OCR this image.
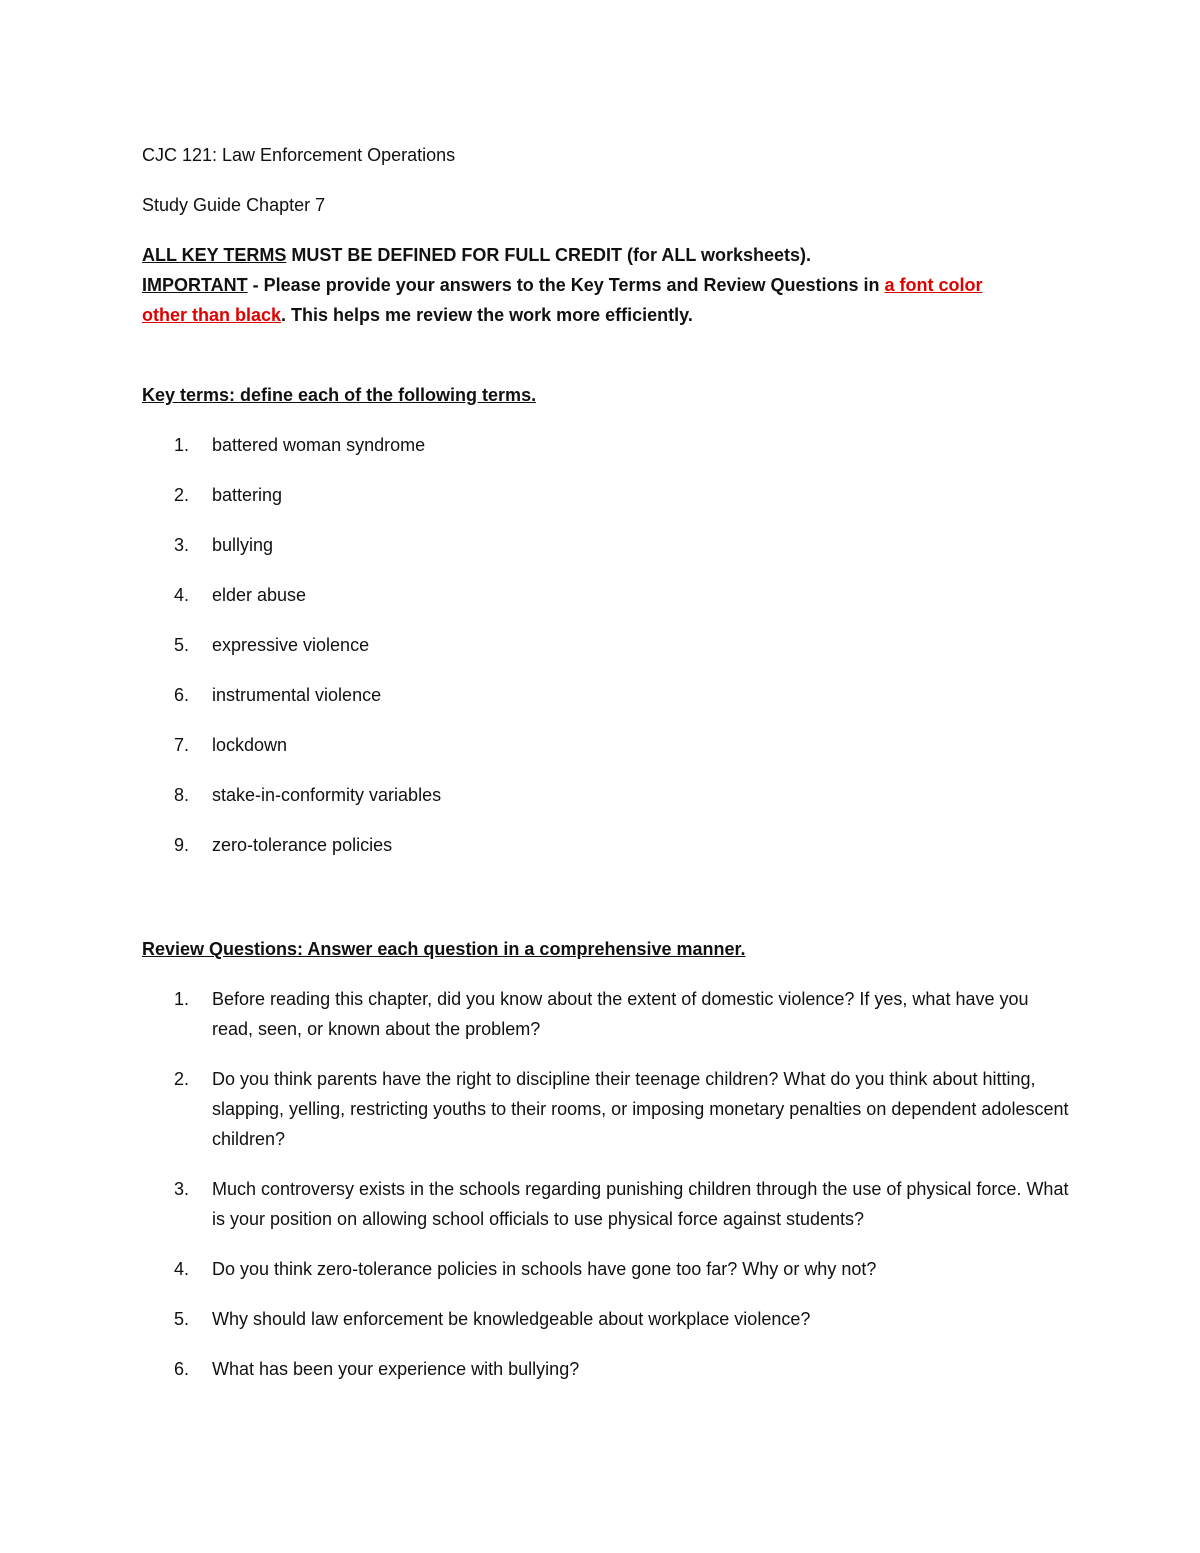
CJC 121: Law Enforcement Operations

Study Guide Chapter 7

ALL KEY TERMS MUST BE DEFINED FOR FULL CREDIT (for ALL worksheets).

IMPORTANT - Please provide your answers to the Key Terms and Review Questions in a font color
other than black. This helps me review the work more efficiently.

Key terms: define each of the following terms.

1. battered woman syndrome
2. battering
3. bullying
4. elder abuse
5. expressive violence
6. instrumental violence
7. lockdown
8. stake-in-conformity variables
9. zero-tolerance policies

Review Questions: Answer each question in a comprehensive manner.

1. Before reading this chapter, did you know about the extent of domestic violence? If yes, what have you read, seen, or known about the problem?
2. Do you think parents have the right to discipline their teenage children? What do you think about hitting, slapping, yelling, restricting youths to their rooms, or imposing monetary penalties on dependent adolescent children?
3. Much controversy exists in the schools regarding punishing children through the use of physical force. What is your position on allowing school officials to use physical force against students?
4. Do you think zero-tolerance policies in schools have gone too far? Why or why not?
5. Why should law enforcement be knowledgeable about workplace violence?
6. What has been your experience with bullying?
